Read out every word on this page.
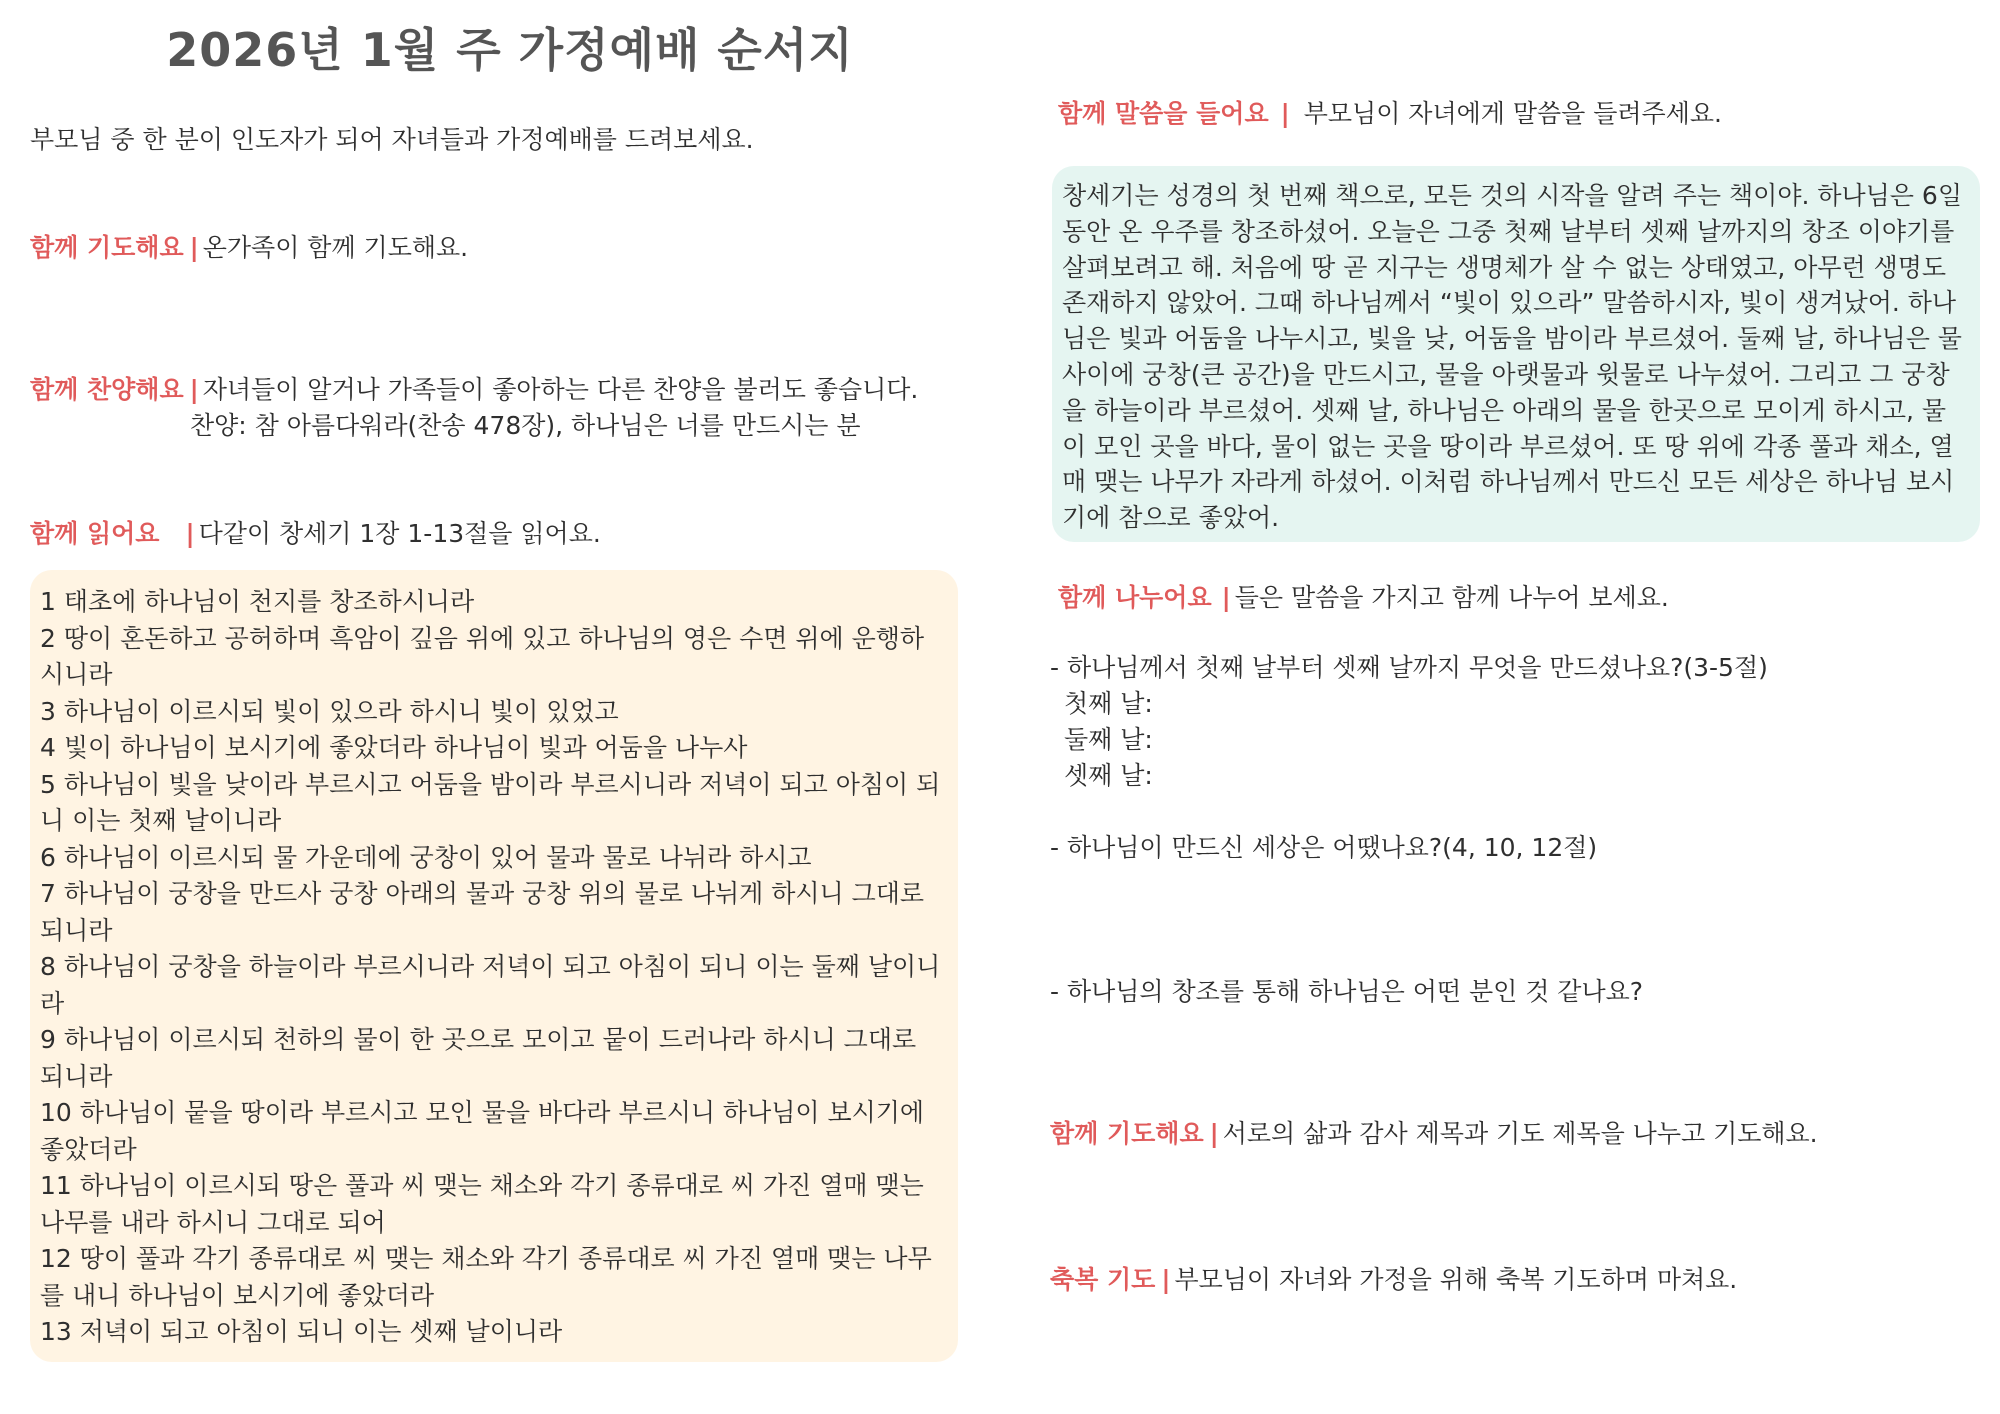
2026년 1월 주 가정예배 순서지
부모님 중 한 분이 인도자가 되어 자녀들과 가정예배를 드려보세요.
함께 기도해요 | 온가족이 함께 기도해요.
함께 찬양해요 | 자녀들이 알거나 가족들이 좋아하는 다른 찬양을 불러도 좋습니다.
찬양: 참 아름다워라(찬송 478장), 하나님은 너를 만드시는 분
함께 읽어요 | 다같이 창세기 1장 1-13절을 읽어요.
1 태초에 하나님이 천지를 창조하시니라
2 땅이 혼돈하고 공허하며 흑암이 깊음 위에 있고 하나님의 영은 수면 위에 운행하시니라
3 하나님이 이르시되 빛이 있으라 하시니 빛이 있었고
4 빛이 하나님이 보시기에 좋았더라 하나님이 빛과 어둠을 나누사
5 하나님이 빛을 낮이라 부르시고 어둠을 밤이라 부르시니라 저녁이 되고 아침이 되니 이는 첫째 날이니라
6 하나님이 이르시되 물 가운데에 궁창이 있어 물과 물로 나뉘라 하시고
7 하나님이 궁창을 만드사 궁창 아래의 물과 궁창 위의 물로 나뉘게 하시니 그대로 되니라
8 하나님이 궁창을 하늘이라 부르시니라 저녁이 되고 아침이 되니 이는 둘째 날이니라
9 하나님이 이르시되 천하의 물이 한 곳으로 모이고 뭍이 드러나라 하시니 그대로 되니라
10 하나님이 뭍을 땅이라 부르시고 모인 물을 바다라 부르시니 하나님이 보시기에 좋았더라
11 하나님이 이르시되 땅은 풀과 씨 맺는 채소와 각기 종류대로 씨 가진 열매 맺는 나무를 내라 하시니 그대로 되어
12 땅이 풀과 각기 종류대로 씨 맺는 채소와 각기 종류대로 씨 가진 열매 맺는 나무를 내니 하나님이 보시기에 좋았더라
13 저녁이 되고 아침이 되니 이는 셋째 날이니라
함께 말씀을 들어요 | 부모님이 자녀에게 말씀을 들려주세요.
창세기는 성경의 첫 번째 책으로, 모든 것의 시작을 알려 주는 책이야. 하나님은 6일 동안 온 우주를 창조하셨어. 오늘은 그중 첫째 날부터 셋째 날까지의 창조 이야기를 살펴보려고 해. 처음에 땅 곧 지구는 생명체가 살 수 없는 상태였고, 아무런 생명도 존재하지 않았어. 그때 하나님께서 “빛이 있으라” 말씀하시자, 빛이 생겨났어. 하나님은 빛과 어둠을 나누시고, 빛을 낮, 어둠을 밤이라 부르셨어. 둘째 날, 하나님은 물 사이에 궁창(큰 공간)을 만드시고, 물을 아랫물과 윗물로 나누셨어. 그리고 그 궁창을 하늘이라 부르셨어. 셋째 날, 하나님은 아래의 물을 한곳으로 모이게 하시고, 물이 모인 곳을 바다, 물이 없는 곳을 땅이라 부르셨어. 또 땅 위에 각종 풀과 채소, 열매 맺는 나무가 자라게 하셨어. 이처럼 하나님께서 만드신 모든 세상은 하나님 보시기에 참으로 좋았어.
함께 나누어요 | 들은 말씀을 가지고 함께 나누어 보세요.
- 하나님께서 첫째 날부터 셋째 날까지 무엇을 만드셨나요?(3-5절)
첫째 날:
둘째 날:
셋째 날:
- 하나님이 만드신 세상은 어땠나요?(4, 10, 12절)
- 하나님의 창조를 통해 하나님은 어떤 분인 것 같나요?
함께 기도해요 | 서로의 삶과 감사 제목과 기도 제목을 나누고 기도해요.
축복 기도 | 부모님이 자녀와 가정을 위해 축복 기도하며 마쳐요.
